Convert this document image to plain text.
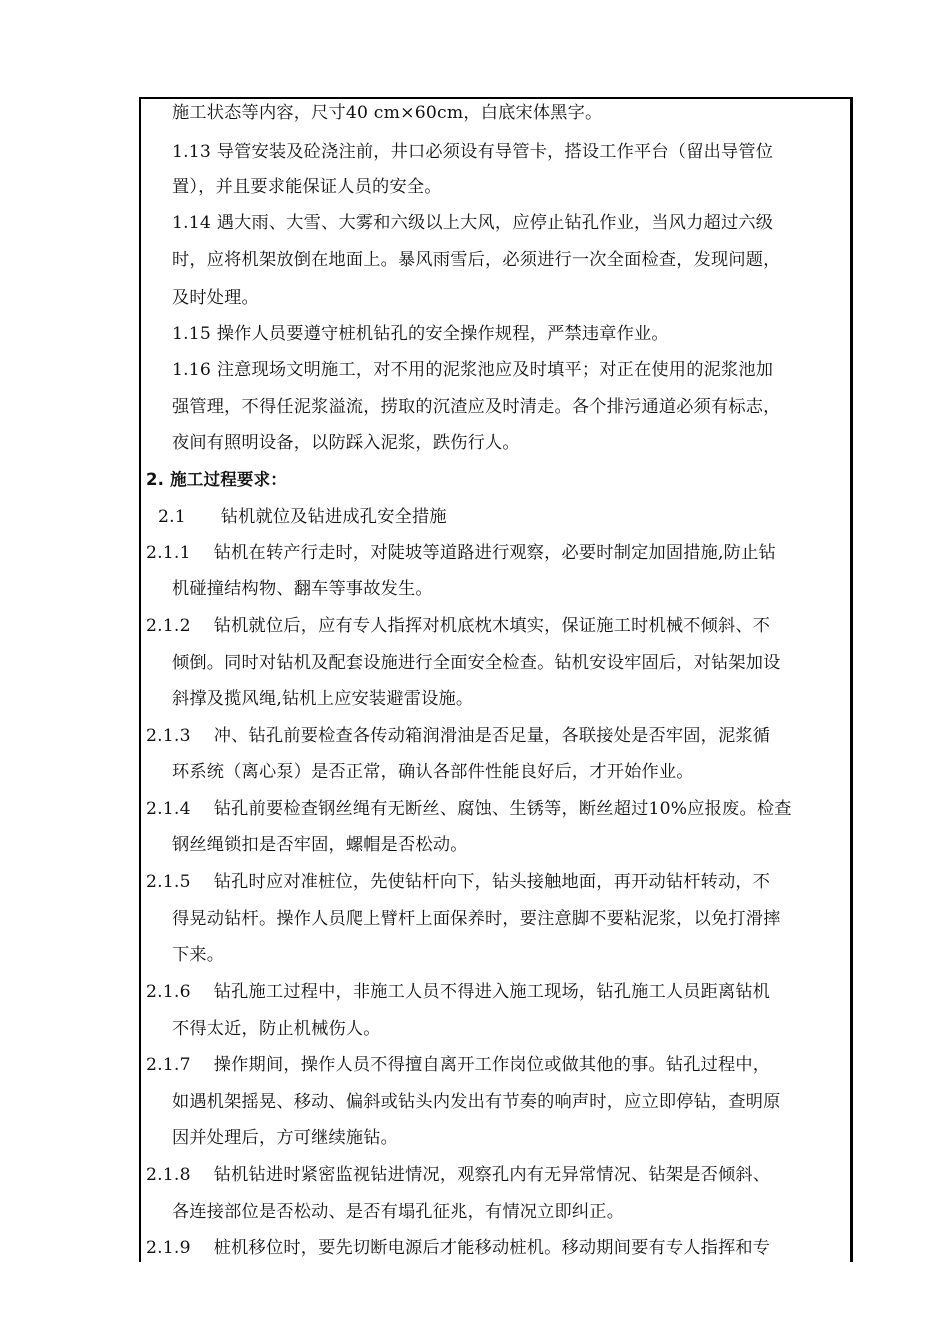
施工状态等内容，尺寸40 cm×60cm，白底宋体黑字。
1.13 导管安装及砼浇注前，井口必须设有导管卡，搭设工作平台（留出导管位
置），并且要求能保证人员的安全。
1.14 遇大雨、大雪、大雾和六级以上大风，应停止钻孔作业，当风力超过六级
时，应将机架放倒在地面上。暴风雨雪后，必须进行一次全面检查，发现问题，
及时处理。
1.15 操作人员要遵守桩机钻孔的安全操作规程，严禁违章作业。
1.16 注意现场文明施工，对不用的泥浆池应及时填平；对正在使用的泥浆池加
强管理，不得任泥浆溢流，捞取的沉渣应及时清走。各个排污通道必须有标志，
夜间有照明设备，以防踩入泥浆，跌伤行人。
2. 施工过程要求：
2.1　　钻机就位及钻进成孔安全措施
2.1.1　 钻机在转产行走时，对陡坡等道路进行观察，必要时制定加固措施,防止钻
机碰撞结构物、翻车等事故发生。
2.1.2　 钻机就位后，应有专人指挥对机底枕木填实，保证施工时机械不倾斜、不
倾倒。同时对钻机及配套设施进行全面安全检查。钻机安设牢固后，对钻架加设
斜撑及揽风绳,钻机上应安装避雷设施。
2.1.3　 冲、钻孔前要检查各传动箱润滑油是否足量，各联接处是否牢固，泥浆循
环系统（离心泵）是否正常，确认各部件性能良好后，才开始作业。
2.1.4　 钻孔前要检查钢丝绳有无断丝、腐蚀、生锈等，断丝超过10%应报废。检查
钢丝绳锁扣是否牢固，螺帽是否松动。
2.1.5　 钻孔时应对准桩位，先使钻杆向下，钻头接触地面，再开动钻杆转动，不
得晃动钻杆。操作人员爬上臂杆上面保养时，要注意脚不要粘泥浆，以免打滑摔
下来。
2.1.6　 钻孔施工过程中，非施工人员不得进入施工现场，钻孔施工人员距离钻机
不得太近，防止机械伤人。
2.1.7　 操作期间，操作人员不得擅自离开工作岗位或做其他的事。钻孔过程中，
如遇机架摇晃、移动、偏斜或钻头内发出有节奏的响声时，应立即停钻，查明原
因并处理后，方可继续施钻。
2.1.8　 钻机钻进时紧密监视钻进情况，观察孔内有无异常情况、钻架是否倾斜、
各连接部位是否松动、是否有塌孔征兆，有情况立即纠正。
2.1.9　 桩机移位时，要先切断电源后才能移动桩机。移动期间要有专人指挥和专
